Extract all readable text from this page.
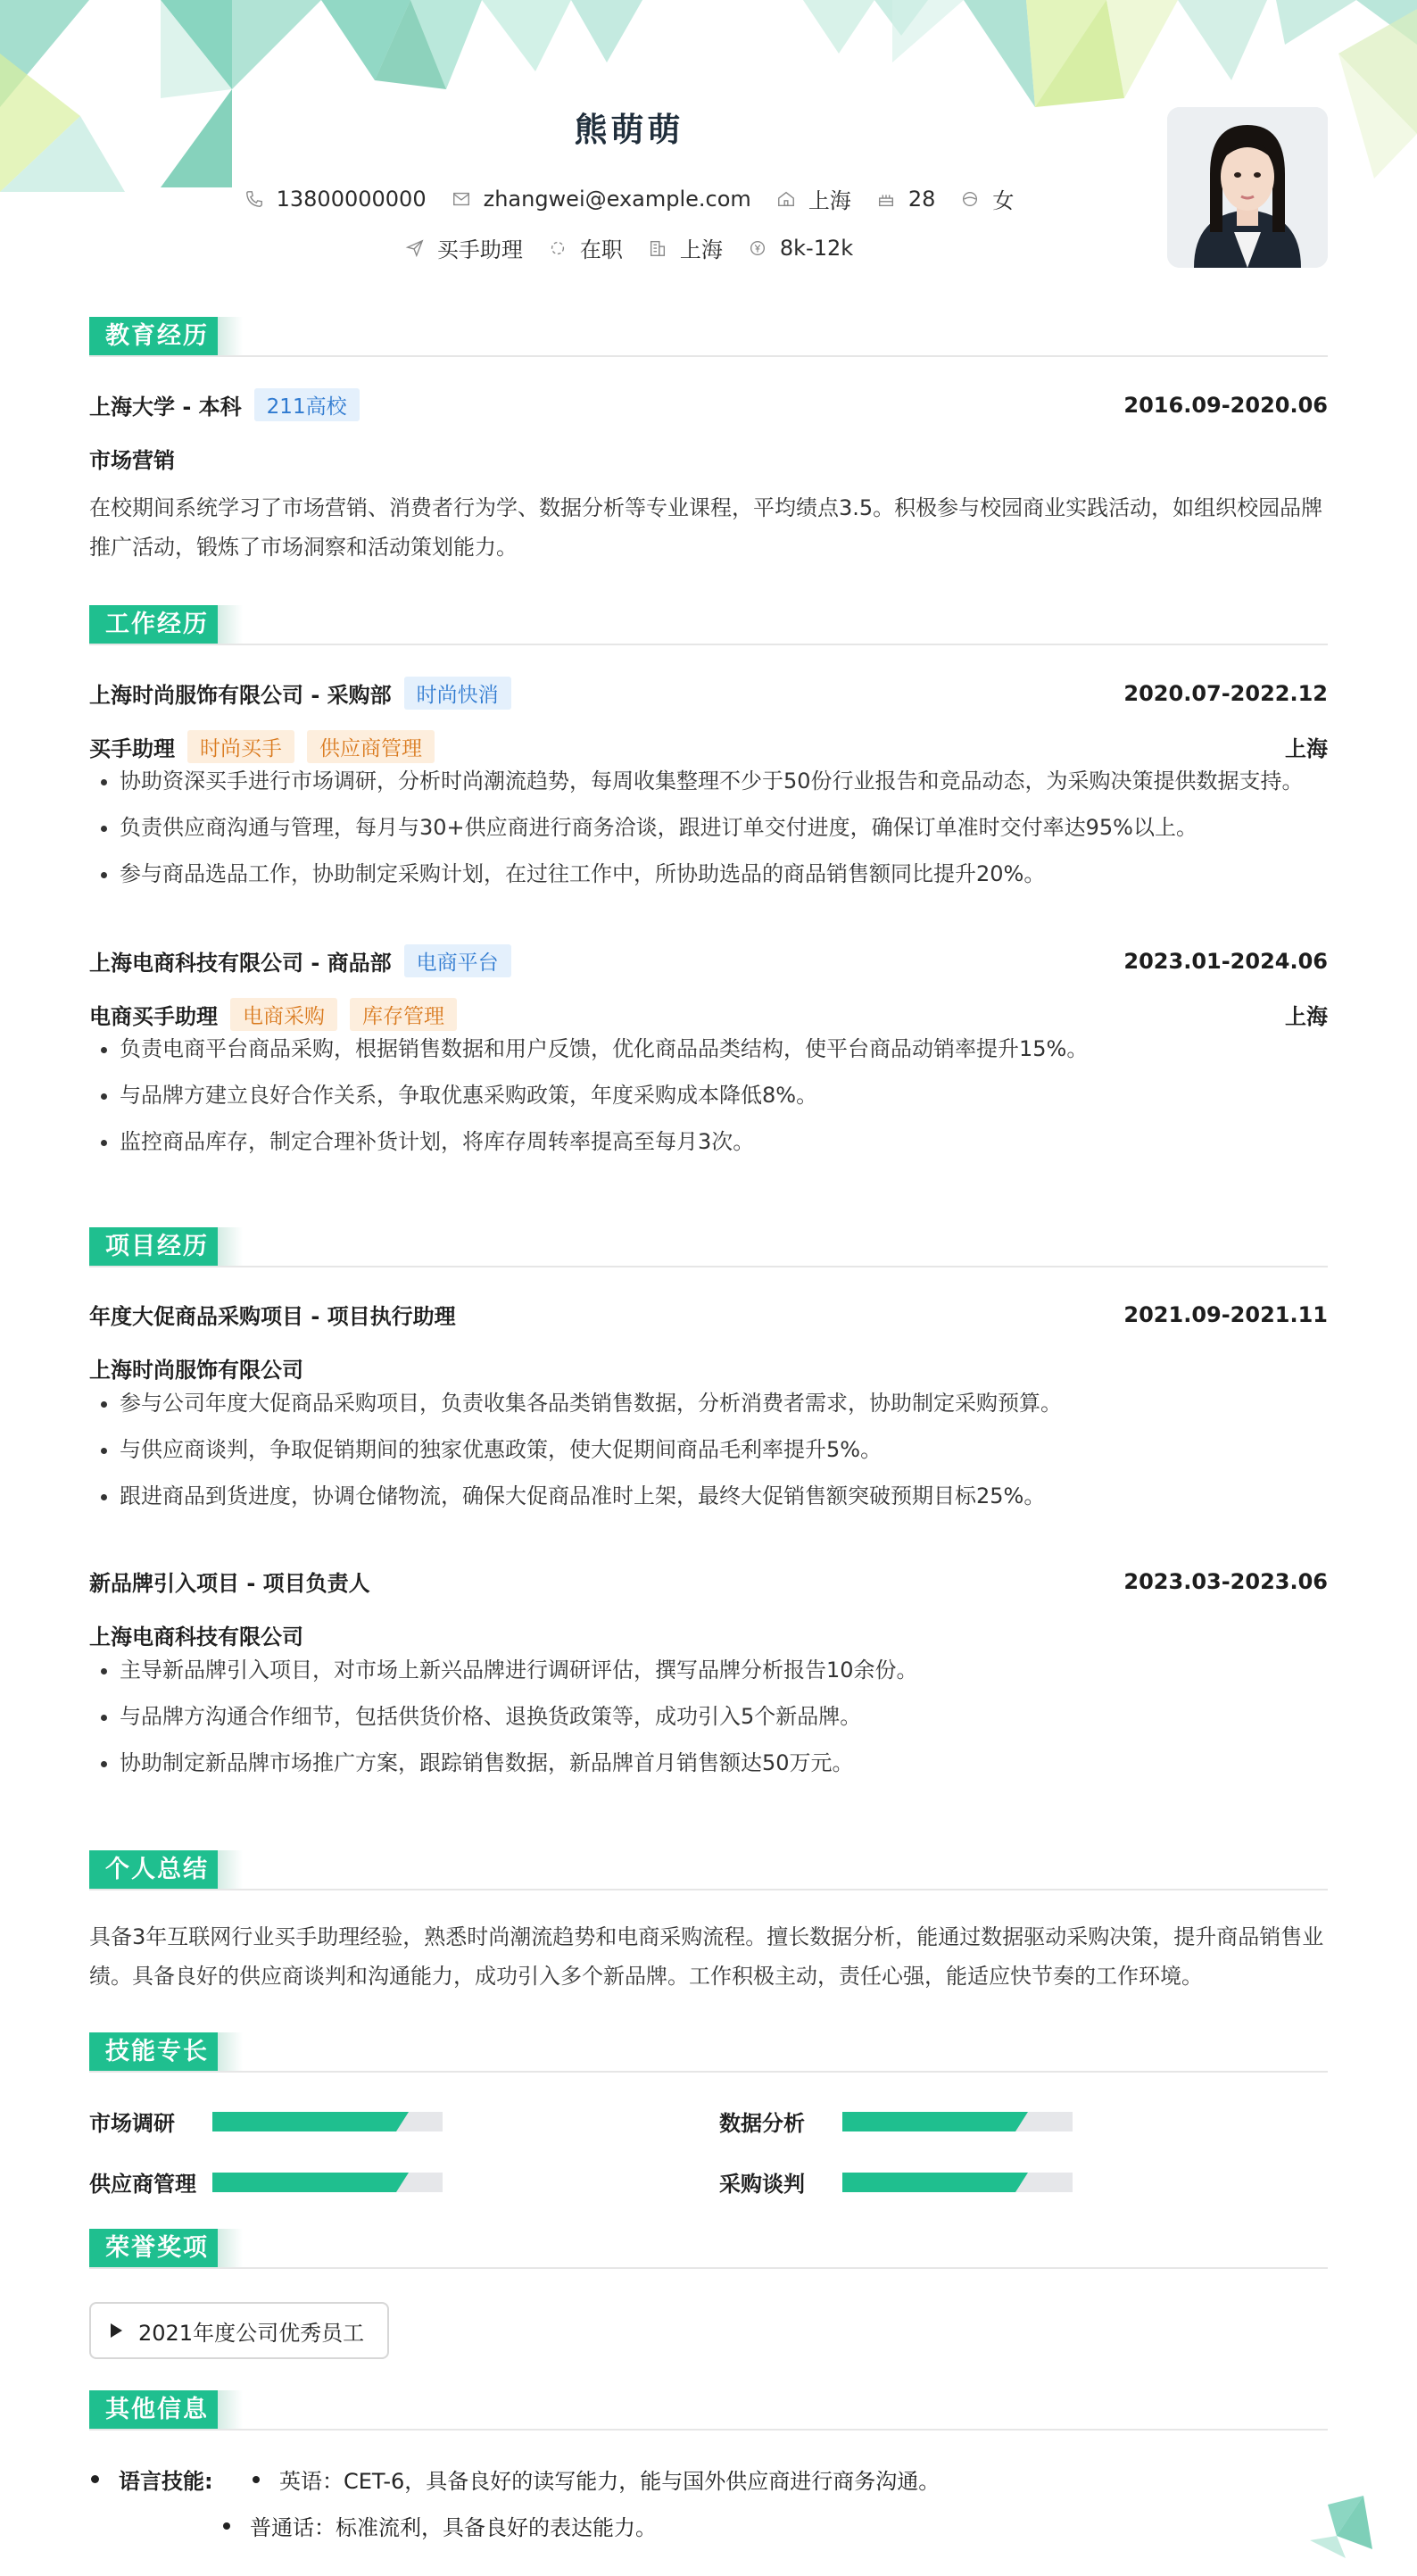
熊萌萌
13800000000	zhangwei@example.com	上海	28	女
买手助理	在职	上海	8k-12k
教育经历
上海大学 - 本科	211高校	2016.09-2020.06
市场营销
在校期间系统学习了市场营销、消费者行为学、数据分析等专业课程，平均绩点3.5。积极参与校园商业实践活动，如组织校园品牌推广活动，锻炼了市场洞察和活动策划能力。
工作经历
上海时尚服饰有限公司 - 采购部	时尚快消	2020.07-2022.12
买手助理	时尚买手	供应商管理	上海
• 协助资深买手进行市场调研，分析时尚潮流趋势，每周收集整理不少于50份行业报告和竞品动态，为采购决策提供数据支持。
• 负责供应商沟通与管理，每月与30+供应商进行商务洽谈，跟进订单交付进度，确保订单准时交付率达95%以上。
• 参与商品选品工作，协助制定采购计划，在过往工作中，所协助选品的商品销售额同比提升20%。
上海电商科技有限公司 - 商品部	电商平台	2023.01-2024.06
电商买手助理	电商采购	库存管理	上海
• 负责电商平台商品采购，根据销售数据和用户反馈，优化商品品类结构，使平台商品动销率提升15%。
• 与品牌方建立良好合作关系，争取优惠采购政策，年度采购成本降低8%。
• 监控商品库存，制定合理补货计划，将库存周转率提高至每月3次。
项目经历
年度大促商品采购项目 - 项目执行助理	2021.09-2021.11
上海时尚服饰有限公司
• 参与公司年度大促商品采购项目，负责收集各品类销售数据，分析消费者需求，协助制定采购预算。
• 与供应商谈判，争取促销期间的独家优惠政策，使大促期间商品毛利率提升5%。
• 跟进商品到货进度，协调仓储物流，确保大促商品准时上架，最终大促销售额突破预期目标25%。
新品牌引入项目 - 项目负责人	2023.03-2023.06
上海电商科技有限公司
• 主导新品牌引入项目，对市场上新兴品牌进行调研评估，撰写品牌分析报告10余份。
• 与品牌方沟通合作细节，包括供货价格、退换货政策等，成功引入5个新品牌。
• 协助制定新品牌市场推广方案，跟踪销售数据，新品牌首月销售额达50万元。
个人总结
具备3年互联网行业买手助理经验，熟悉时尚潮流趋势和电商采购流程。擅长数据分析，能通过数据驱动采购决策，提升商品销售业绩。具备良好的供应商谈判和沟通能力，成功引入多个新品牌。工作积极主动，责任心强，能适应快节奏的工作环境。
技能专长
市场调研	数据分析
供应商管理	采购谈判
荣誉奖项
2021年度公司优秀员工
其他信息
语言技能:	英语：CET-6，具备良好的读写能力，能与国外供应商进行商务沟通。
普通话：标准流利，具备良好的表达能力。
